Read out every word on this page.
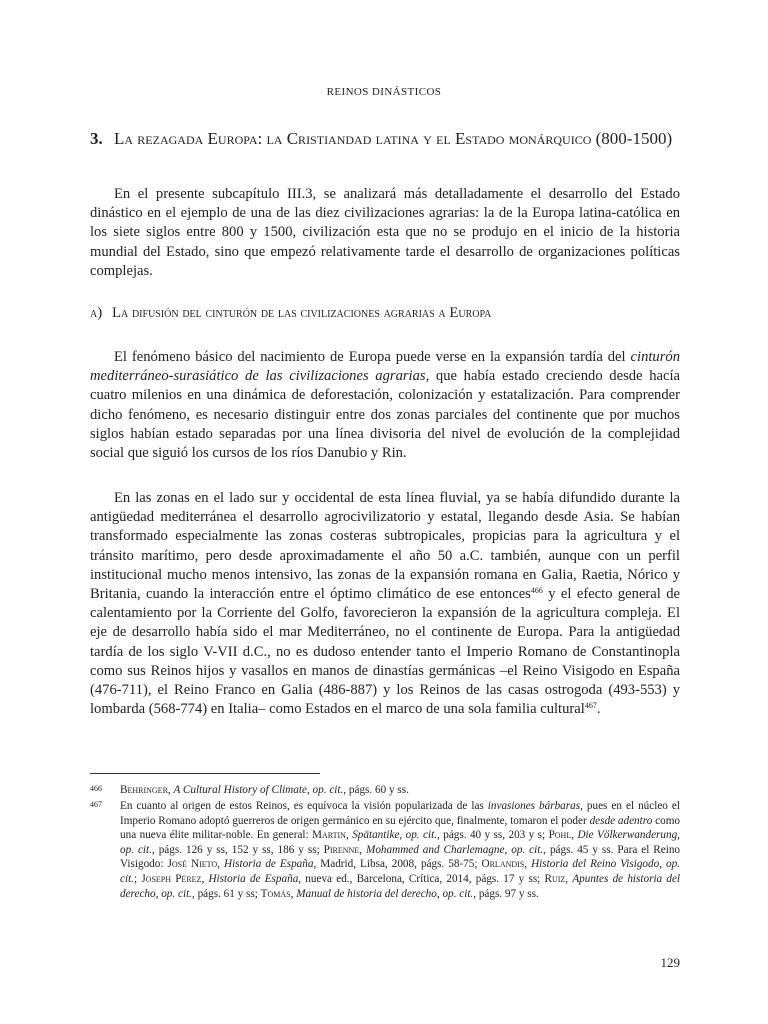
REINOS DINÁSTICOS
3. La rezagada Europa: la Cristiandad latina y el Estado monárquico (800-1500)

En el presente subcapítulo III.3, se analizará más detalladamente el desarrollo del Estado dinástico en el ejemplo de una de las diez civilizaciones agrarias: la de la Europa latina-católica en los siete siglos entre 800 y 1500, civilización esta que no se produjo en el inicio de la historia mundial del Estado, sino que empezó relativamente tarde el desarrollo de organizaciones políticas complejas.

a) La difusión del cinturón de las civilizaciones agrarias a Europa

El fenómeno básico del nacimiento de Europa puede verse en la expansión tardía del cinturón mediterráneo-surasiático de las civilizaciones agrarias, que había estado creciendo desde hacía cuatro milenios en una dinámica de deforestación, colonización y estatalización. Para comprender dicho fenómeno, es necesario distinguir entre dos zonas parciales del continente que por muchos siglos habían estado separadas por una línea divisoria del nivel de evolución de la complejidad social que siguió los cursos de los ríos Danubio y Rin.

En las zonas en el lado sur y occidental de esta línea fluvial, ya se había difundido durante la antigüedad mediterránea el desarrollo agrocivilizatorio y estatal, llegando desde Asia. Se habían transformado especialmente las zonas costeras subtropicales, propicias para la agricultura y el tránsito marítimo, pero desde aproximadamente el año 50 a.C. también, aunque con un perfil institucional mucho menos intensivo, las zonas de la expansión romana en Galia, Raetia, Nórico y Britania, cuando la interacción entre el óptimo climático de ese entonces$^{466}$ y el efecto general de calentamiento por la Corriente del Golfo, favorecieron la expansión de la agricultura compleja. El eje de desarrollo había sido el mar Mediterráneo, no el continente de Europa. Para la antigüedad tardía de los siglo V-VII d.C., no es dudoso entender tanto el Imperio Romano de Constantinopla como sus Reinos hijos y vasallos en manos de dinastías germánicas –el Reino Visigodo en España (476-711), el Reino Franco en Galia (486-887) y los Reinos de las casas ostrogoda (493-553) y lombarda (568-774) en Italia– como Estados en el marco de una sola familia cultural$^{467}$.

466 Behringer, A Cultural History of Climate, op. cit., págs. 60 y ss.
467 En cuanto al origen de estos Reinos, es equívoca la visión popularizada de las invasiones bárbaras, pues en el núcleo el Imperio Romano adoptó guerreros de origen germánico en su ejército que, finalmente, tomaron el poder desde adentro como una nueva élite militar-noble. En general: Martin, Spätantike, op. cit., págs. 40 y ss, 203 y s; Pohl, Die Völkerwanderung, op. cit., págs. 126 y ss, 152 y ss, 186 y ss; Pirenne, Mohammed and Charlemagne, op. cit., págs. 45 y ss. Para el Reino Visigodo: José Nieto, Historia de España, Madrid, Libsa, 2008, págs. 58-75; Orlandis, Historia del Reino Visigodo, op. cit.; Joseph Pérez, Historia de España, nueva ed., Barcelona, Crítica, 2014, págs. 17 y ss; Ruiz, Apuntes de historia del derecho, op. cit., págs. 61 y ss; Tomás, Manual de historia del derecho, op. cit., págs. 97 y ss.
129
